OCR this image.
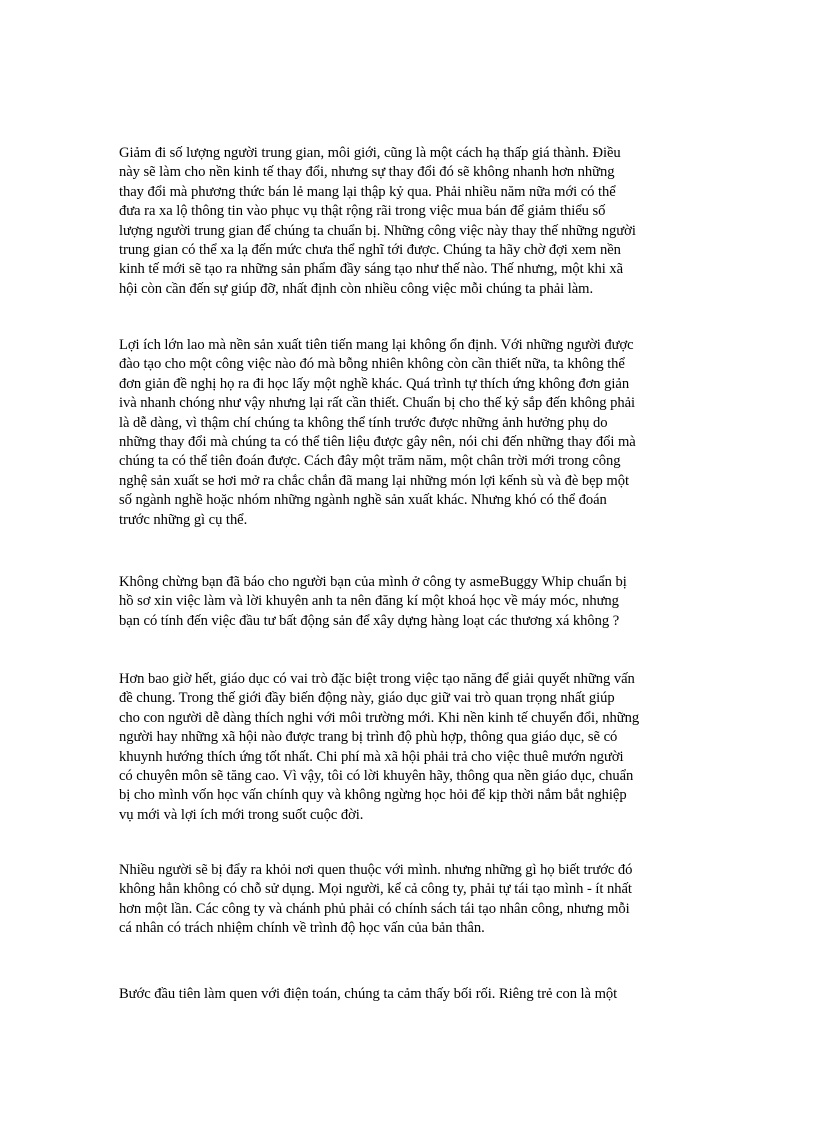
Giảm đi số lượng người trung gian, môi giới, cũng là một cách hạ thấp giá thành. Điều
này sẽ làm cho nền kinh tế thay đổi, nhưng sự thay đổi đó sẽ không nhanh hơn những
thay đổi mà phương thức bán lẻ mang lại thập kỷ qua. Phải nhiều năm nữa mới có thể
đưa ra xa lộ thông tin vào phục vụ thật rộng rãi trong việc mua bán để giảm thiểu số
lượng người trung gian để chúng ta chuẩn bị. Những công việc này thay thế những người
trung gian có thể xa lạ đến mức chưa thể nghĩ tới được. Chúng ta hãy chờ đợi xem nền
kinh tế mới sẽ tạo ra những sản phẩm đầy sáng tạo như thế nào. Thế nhưng, một khi xã
hội còn cần đến sự giúp đỡ, nhất định còn nhiều công việc mỗi chúng ta phải làm.
Lợi ích lớn lao mà nền sản xuất tiên tiến mang lại không ổn định. Với những người được
đào tạo cho một công việc nào đó mà bỗng nhiên không còn cần thiết nữa, ta không thể
đơn giản đề nghị họ ra đi học lấy một nghề khác. Quá trình tự thích ứng không đơn giản
ivà nhanh chóng như vậy nhưng lại rất cần thiết. Chuẩn bị cho thế kỷ sắp đến không phải
là dễ dàng, vì thậm chí chúng ta không thể tính trước được những ảnh hưởng phụ do
những thay đổi mà chúng ta có thể tiên liệu được gây nên, nói chi đến những thay đổi mà
chúng ta có thể tiên đoán được. Cách đây một trăm năm, một chân trời mới trong công
nghệ sản xuất se hơi mở ra chắc chắn đã mang lại những món lợi kếnh sù và đè bẹp một
số ngành nghề hoặc nhóm những ngành nghề sản xuất khác. Nhưng khó có thể đoán
trước những gì cụ thể.
Không chừng bạn đã báo cho người bạn của mình ở công ty asmeBuggy Whip chuẩn bị
hồ sơ xin việc làm và lời khuyên anh ta nên đăng kí một khoá học về máy móc, nhưng
bạn có tính đến việc đầu tư bất động sản để xây dựng hàng loạt các thương xá không ?
Hơn bao giờ hết, giáo dục có vai trò đặc biệt trong việc tạo năng để giải quyết những vấn
đề chung. Trong thế giới đầy biến động này, giáo dục giữ vai trò quan trọng nhất giúp
cho con người dễ dàng thích nghi với môi trường mới. Khi nền kinh tế chuyển đổi, những
người hay những xã hội nào được trang bị trình độ phù hợp, thông qua giáo dục, sẽ có
khuynh hướng thích ứng tốt nhất. Chi phí mà xã hội phải trả cho việc thuê mướn người
có chuyên môn sẽ tăng cao. Vì vậy, tôi có lời khuyên hãy, thông qua nền giáo dục, chuẩn
bị cho mình vốn học vấn chính quy và không ngừng học hỏi để kịp thời nắm bắt nghiệp
vụ mới và lợi ích mới trong suốt cuộc đời.
Nhiều người sẽ bị đẩy ra khỏi nơi quen thuộc với mình. nhưng những gì họ biết trước đó
không hẳn không có chỗ sử dụng. Mọi người, kể cả công ty, phải tự tái tạo mình - ít nhất
hơn một lần. Các công ty và chánh phủ phải có chính sách tái tạo nhân công, nhưng mỗi
cá nhân có trách nhiệm chính về trình độ học vấn của bản thân.
Bước đầu tiên làm quen với điện toán, chúng ta cảm thấy bối rối. Riêng trẻ con là một
